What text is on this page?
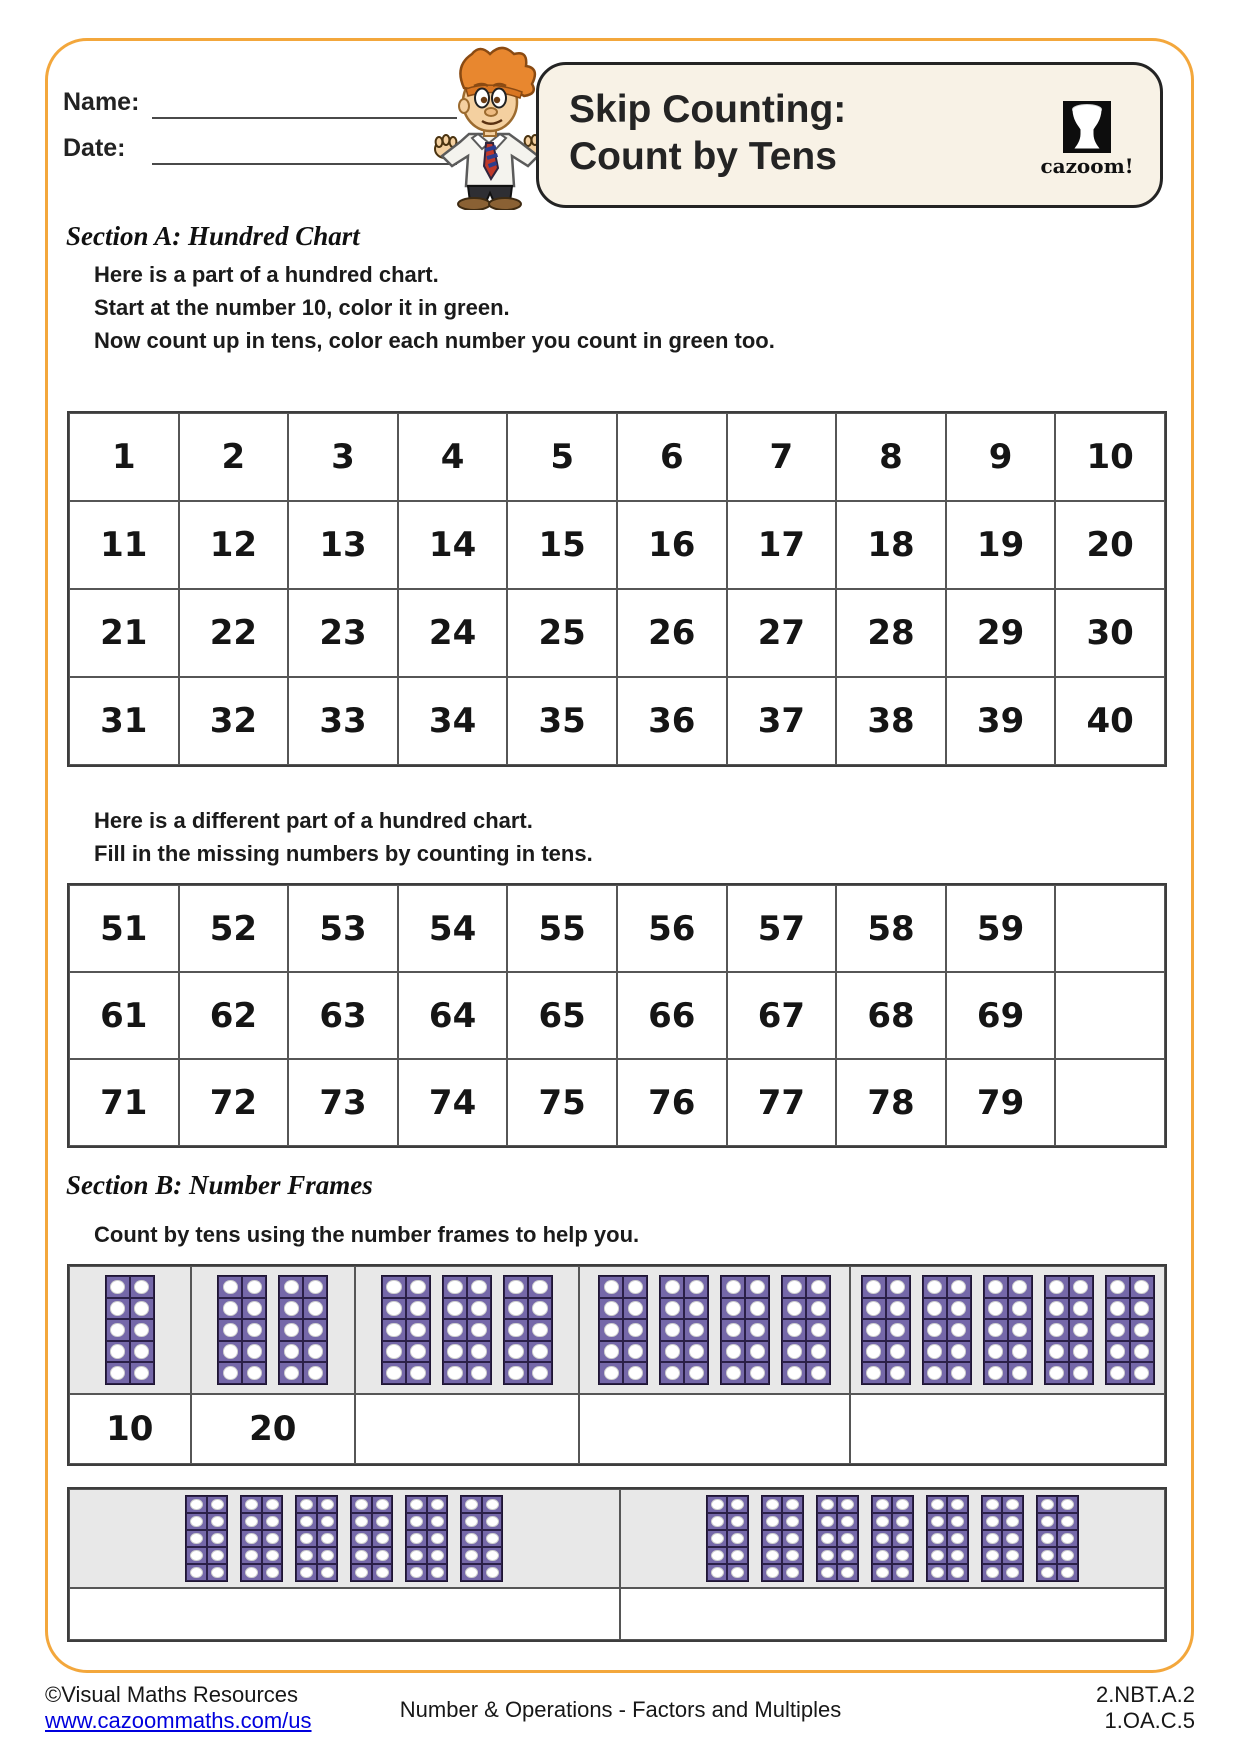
Name:
Date:
Skip Counting:
Count by Tens	cazoom!
Section A: Hundred Chart
Here is a part of a hundred chart.
Start at the number 10, color it in green.
Now count up in tens, color each number you count in green too.
1	2	3	4	5	6	7	8	9	10
11	12	13	14	15	16	17	18	19	20
21	22	23	24	25	26	27	28	29	30
31	32	33	34	35	36	37	38	39	40
Here is a different part of a hundred chart.
Fill in the missing numbers by counting in tens.
51	52	53	54	55	56	57	58	59
61	62	63	64	65	66	67	68	69
71	72	73	74	75	76	77	78	79
Section B: Number Frames
Count by tens using the number frames to help you.
10	20
©Visual Maths Resources
www.cazoommaths.com/us	Number & Operations - Factors and Multiples
2.NBT.A.2
1.OA.C.5
